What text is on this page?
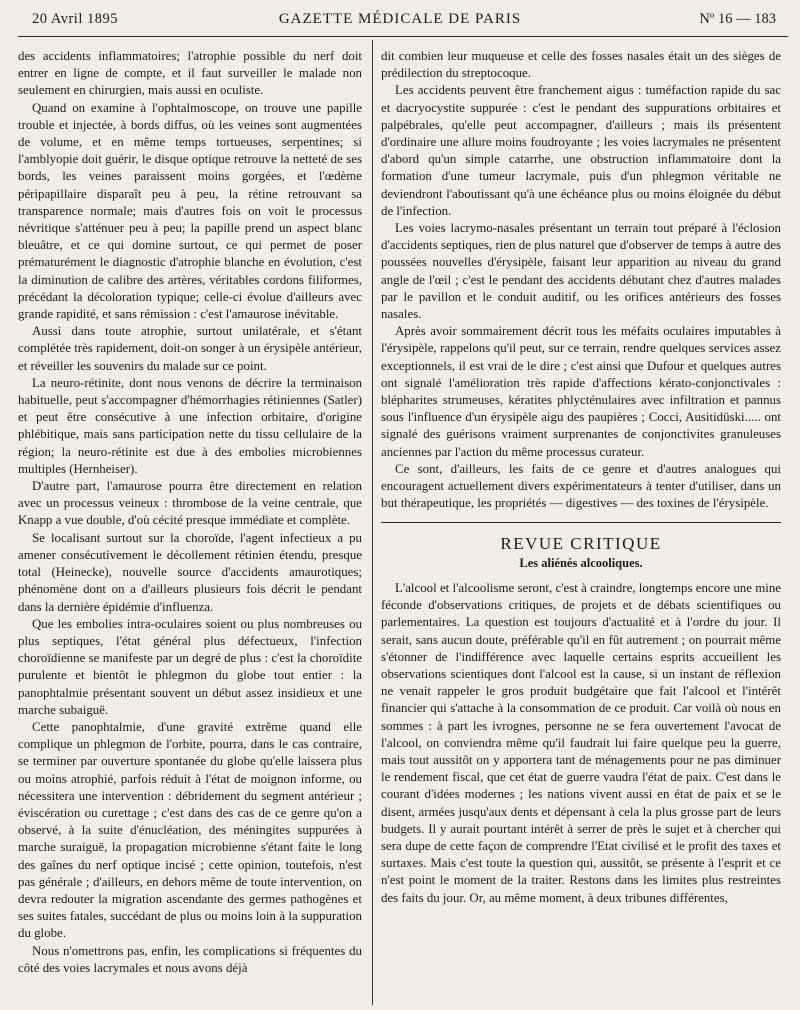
20 Avril 1895	GAZETTE MÉDICALE DE PARIS	Nº 16 — 183

des accidents inflammatoires; l'atrophie possible du nerf doit entrer en ligne de compte, et il faut surveiller le malade non seulement en chirurgien, mais aussi en oculiste.

Quand on examine à l'ophtalmoscope, on trouve une papille trouble et injectée, à bords diffus, où les veines sont augmentées de volume, et en même temps tortueuses, serpentines; si l'amblyopie doit guérir, le disque optique retrouve la netteté de ses bords, les veines paraissent moins gorgées, et l'œdème péripapillaire disparaît peu à peu, la rétine retrouvant sa transparence normale; mais d'autres fois on voit le processus névritique s'atténuer peu à peu; la papille prend un aspect blanc bleuâtre, et ce qui domine surtout, ce qui permet de poser prématurément le diagnostic d'atrophie blanche en évolution, c'est la diminution de calibre des artères, véritables cordons filiformes, précédant la décoloration typique; celle-ci évolue d'ailleurs avec grande rapidité, et sans rémission : c'est l'amaurose inévitable.

Aussi dans toute atrophie, surtout unilatérale, et s'étant complétée très rapidement, doit-on songer à un érysipèle antérieur, et réveiller les souvenirs du malade sur ce point.

La neuro-rétinite, dont nous venons de décrire la terminaison habituelle, peut s'accompagner d'hémorrhagies rétiniennes (Satler) et peut être consécutive à une infection orbitaire, d'origine phlébitique, mais sans participation nette du tissu cellulaire de la région; la neuro-rétinite est due à des embolies microbiennes multiples (Hernheiser).

D'autre part, l'amaurose pourra être directement en relation avec un processus veineux : thrombose de la veine centrale, que Knapp a vue double, d'où cécité presque immédiate et complète.

Se localisant surtout sur la choroïde, l'agent infectieux a pu amener consécutivement le décollement rétinien étendu, presque total (Heinecke), nouvelle source d'accidents amaurotiques; phénomène dont on a d'ailleurs plusieurs fois décrit le pendant dans la dernière épidémie d'influenza.

Que les embolies intra-oculaires soient ou plus nombreuses ou plus septiques, l'état général plus défectueux, l'infection choroïdienne se manifeste par un degré de plus : c'est la choroïdite purulente et bientôt le phlegmon du globe tout entier : la panophtalmie présentant souvent un début assez insidieux et une marche subaiguë.

Cette panophtalmie, d'une gravité extrême quand elle complique un phlegmon de l'orbite, pourra, dans le cas contraire, se terminer par ouverture spontanée du globe qu'elle laissera plus ou moins atrophié, parfois réduit à l'état de moignon informe, ou nécessitera une intervention : débridement du segment antérieur ; éviscération ou curettage ; c'est dans des cas de ce genre qu'on a observé, à la suite d'énucléation, des méningites suppurées à marche suraiguë, la propagation microbienne s'étant faite le long des gaînes du nerf optique incisé ; cette opinion, toutefois, n'est pas générale ; d'ailleurs, en dehors même de toute intervention, on devra redouter la migration ascendante des germes pathogènes et ses suites fatales, succédant de plus ou moins loin à la suppuration du globe.

Nous n'omettrons pas, enfin, les complications si fréquentes du côté des voies lacrymales et nous avons déjà

dit combien leur muqueuse et celle des fosses nasales était un des sièges de prédilection du streptocoque.

Les accidents peuvent être franchement aigus : tuméfaction rapide du sac et dacryocystite suppurée : c'est le pendant des suppurations orbitaires et palpébrales, qu'elle peut accompagner, d'ailleurs ; mais ils présentent d'ordinaire une allure moins foudroyante ; les voies lacrymales ne présentent d'abord qu'un simple catarrhe, une obstruction inflammatoire dont la formation d'une tumeur lacrymale, puis d'un phlegmon véritable ne deviendront l'aboutissant qu'à une échéance plus ou moins éloignée du début de l'infection.

Les voies lacrymo-nasales présentant un terrain tout préparé à l'éclosion d'accidents septiques, rien de plus naturel que d'observer de temps à autre des poussées nouvelles d'érysipèle, faisant leur apparition au niveau du grand angle de l'œil ; c'est le pendant des accidents débutant chez d'autres malades par le pavillon et le conduit auditif, ou les orifices antérieurs des fosses nasales.

Après avoir sommairement décrit tous les méfaits oculaires imputables à l'érysipèle, rappelons qu'il peut, sur ce terrain, rendre quelques services assez exceptionnels, il est vrai de le dire ; c'est ainsi que Dufour et quelques autres ont signalé l'amélioration très rapide d'affections kérato-conjonctivales : blépharites strumeuses, kératites phlycténulaires avec infiltration et pannus sous l'influence d'un érysipèle aigu des paupières ; Cocci, Ausitidüski..... ont signalé des guérisons vraiment surprenantes de conjonctivites granuleuses anciennes par l'action du même processus curateur.

Ce sont, d'ailleurs, les faits de ce genre et d'autres analogues qui encouragent actuellement divers expérimentateurs à tenter d'utiliser, dans un but thérapeutique, les propriétés — digestives — des toxines de l'érysipèle.

REVUE CRITIQUE
Les aliénés alcooliques.

L'alcool et l'alcoolisme seront, c'est à craindre, longtemps encore une mine féconde d'observations critiques, de projets et de débats scientifiques ou parlementaires. La question est toujours d'actualité et à l'ordre du jour. Il serait, sans aucun doute, préférable qu'il en fût autrement ; on pourrait même s'étonner de l'indifférence avec laquelle certains esprits accueillent les observations scientiques dont l'alcool est la cause, si un instant de réflexion ne venait rappeler le gros produit budgétaire que fait l'alcool et l'intérêt financier qui s'attache à la consommation de ce produit. Car voilà où nous en sommes : à part les ivrognes, personne ne se fera ouvertement l'avocat de l'alcool, on conviendra même qu'il faudrait lui faire quelque peu la guerre, mais tout aussitôt on y apportera tant de ménagements pour ne pas diminuer le rendement fiscal, que cet état de guerre vaudra l'état de paix. C'est dans le courant d'idées modernes ; les nations vivent aussi en état de paix et se le disent, armées jusqu'aux dents et dépensant à cela la plus grosse part de leurs budgets. Il y aurait pourtant intérêt à serrer de près le sujet et à chercher qui sera dupe de cette façon de comprendre l'Etat civilisé et le profit des taxes et surtaxes. Mais c'est toute la question qui, aussitôt, se présente à l'esprit et ce n'est point le moment de la traiter. Restons dans les limites plus restreintes des faits du jour. Or, au même moment, à deux tribunes différentes,
